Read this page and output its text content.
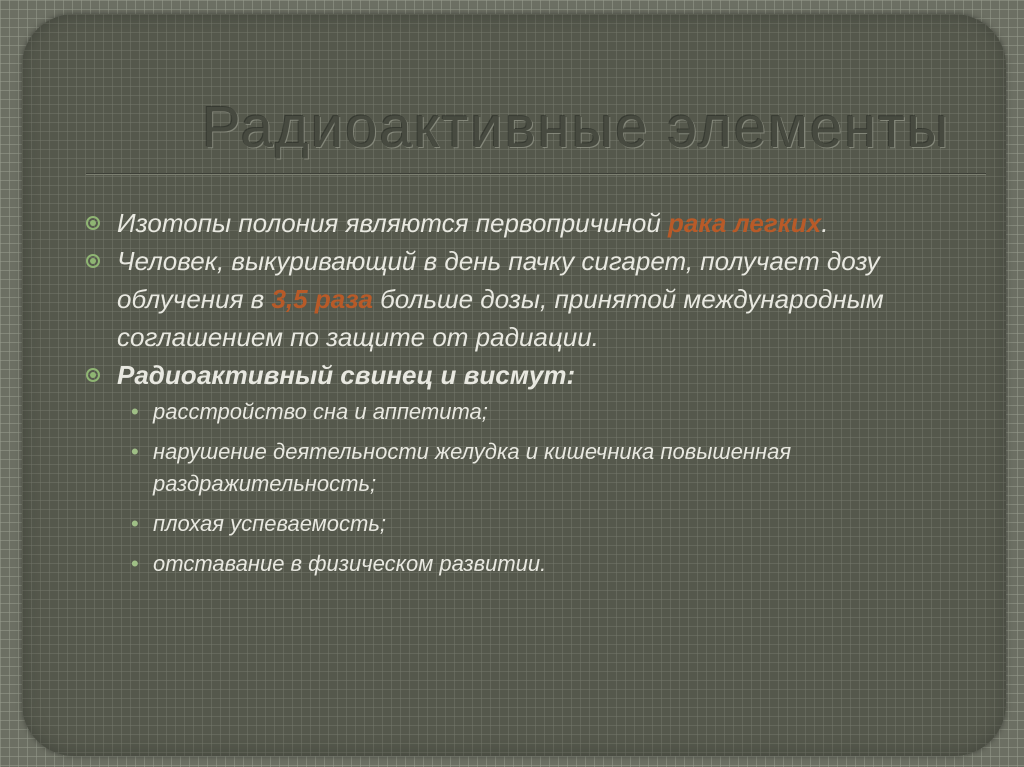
Радиоактивные элементы
Изотопы полония являются первопричиной рака легких.
Человек, выкуривающий в день пачку сигарет, получает дозу облучения в 3,5 раза больше дозы, принятой международным соглашением по защите от радиации.
Радиоактивный свинец и висмут:
• расстройство сна и аппетита;
• нарушение деятельности желудка и кишечника повышенная раздражительность;
• плохая успеваемость;
• отставание в физическом развитии.
